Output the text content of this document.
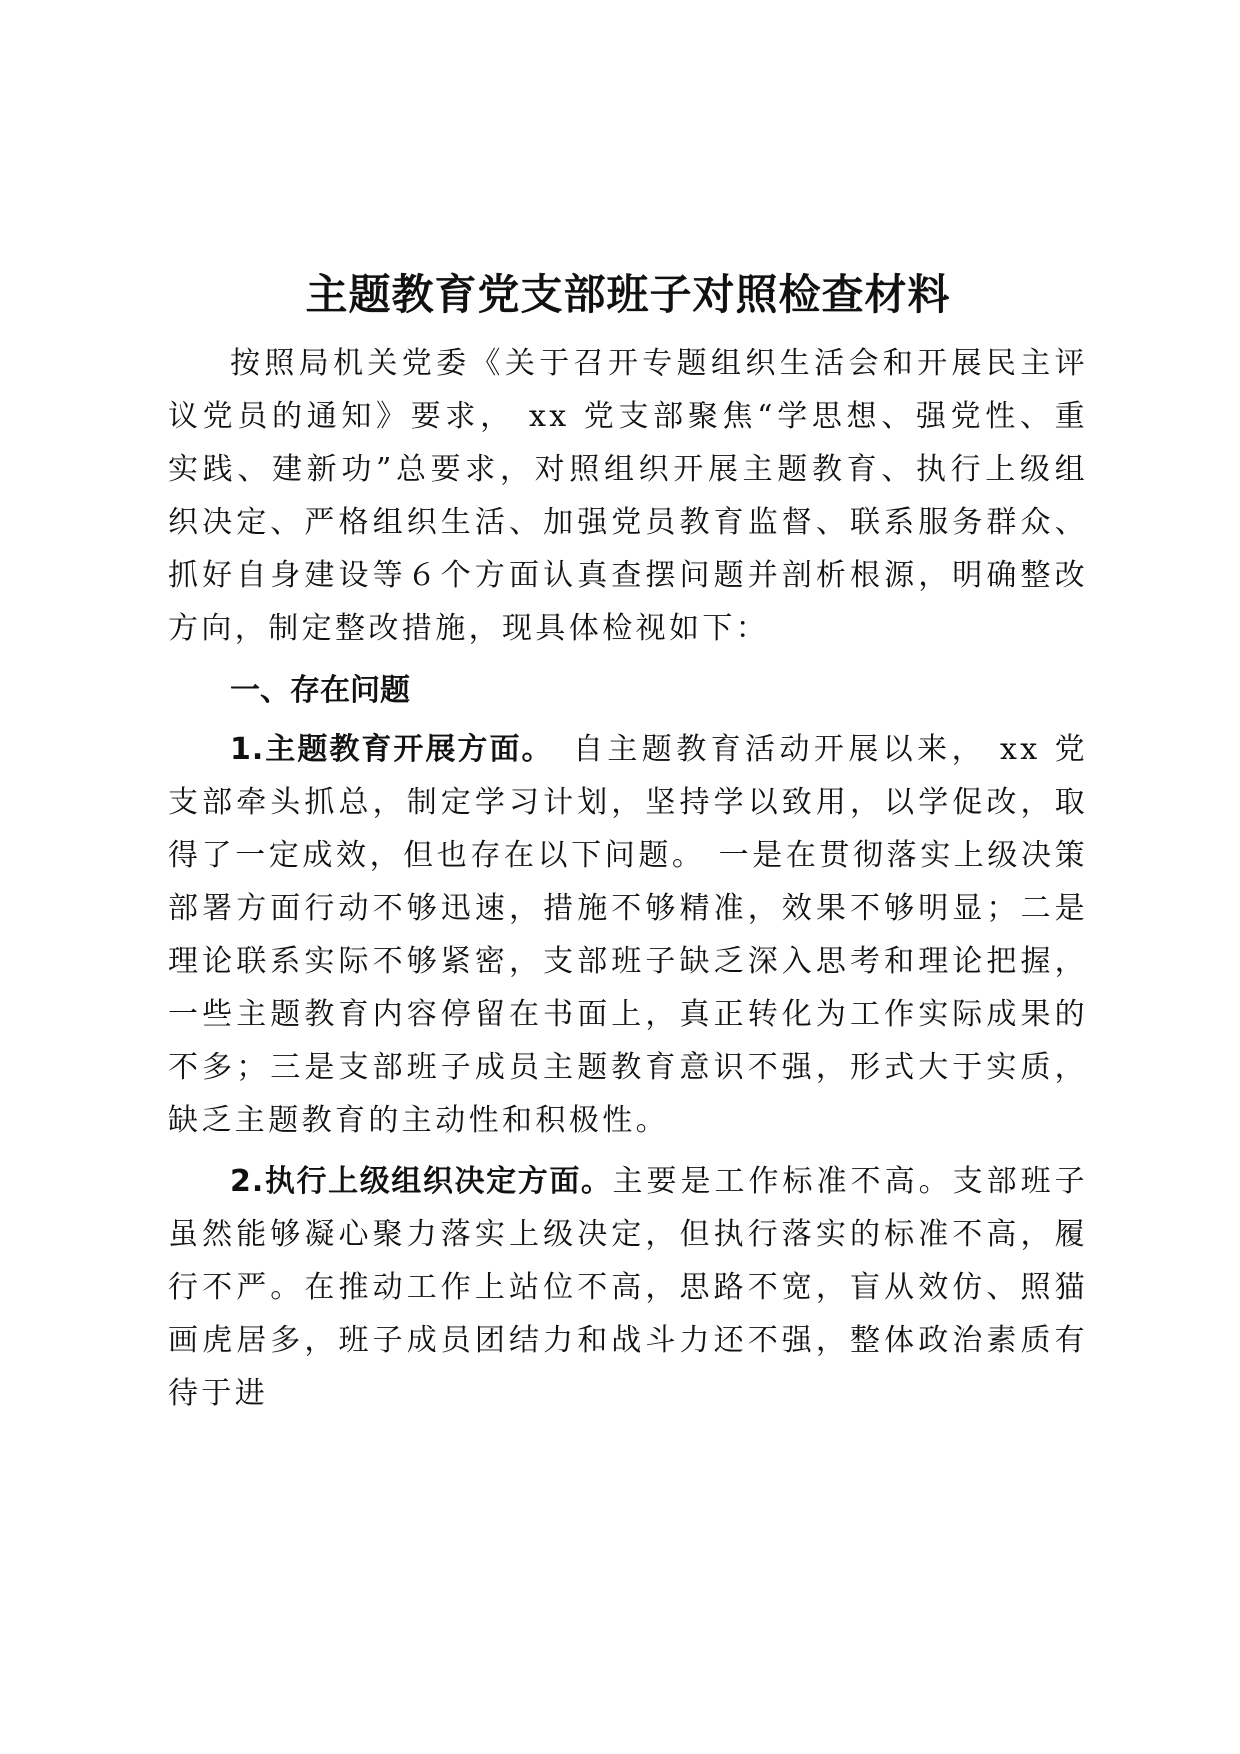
主题教育党支部班子对照检查材料

按照局机关党委《关于召开专题组织生活会和开展民主评议党员的通知》要求， xx 党支部聚焦“学思想、强党性、重实践、建新功”总要求，对照组织开展主题教育、执行上级组织决定、严格组织生活、加强党员教育监督、联系服务群众、抓好自身建设等６个方面认真查摆问题并剖析根源，明确整改方向，制定整改措施，现具体检视如下：

一、存在问题

1.主题教育开展方面。　自主题教育活动开展以来， xx 党支部牵头抓总，制定学习计划，坚持学以致用，以学促改，取得了一定成效，但也存在以下问题。 一是在贯彻落实上级决策部署方面行动不够迅速，措施不够精准，效果不够明显；二是理论联系实际不够紧密，支部班子缺乏深入思考和理论把握， 一些主题教育内容停留在书面上，真正转化为工作实际成果的不多；三是支部班子成员主题教育意识不强，形式大于实质，缺乏主题教育的主动性和积极性。

2.执行上级组织决定方面。主要是工作标准不高。支部班子虽然能够凝心聚力落实上级决定，但执行落实的标准不高，履行不严。在推动工作上站位不高，思路不宽，盲从效仿、照猫画虎居多，班子成员团结力和战斗力还不强，整体政治素质有待于进
